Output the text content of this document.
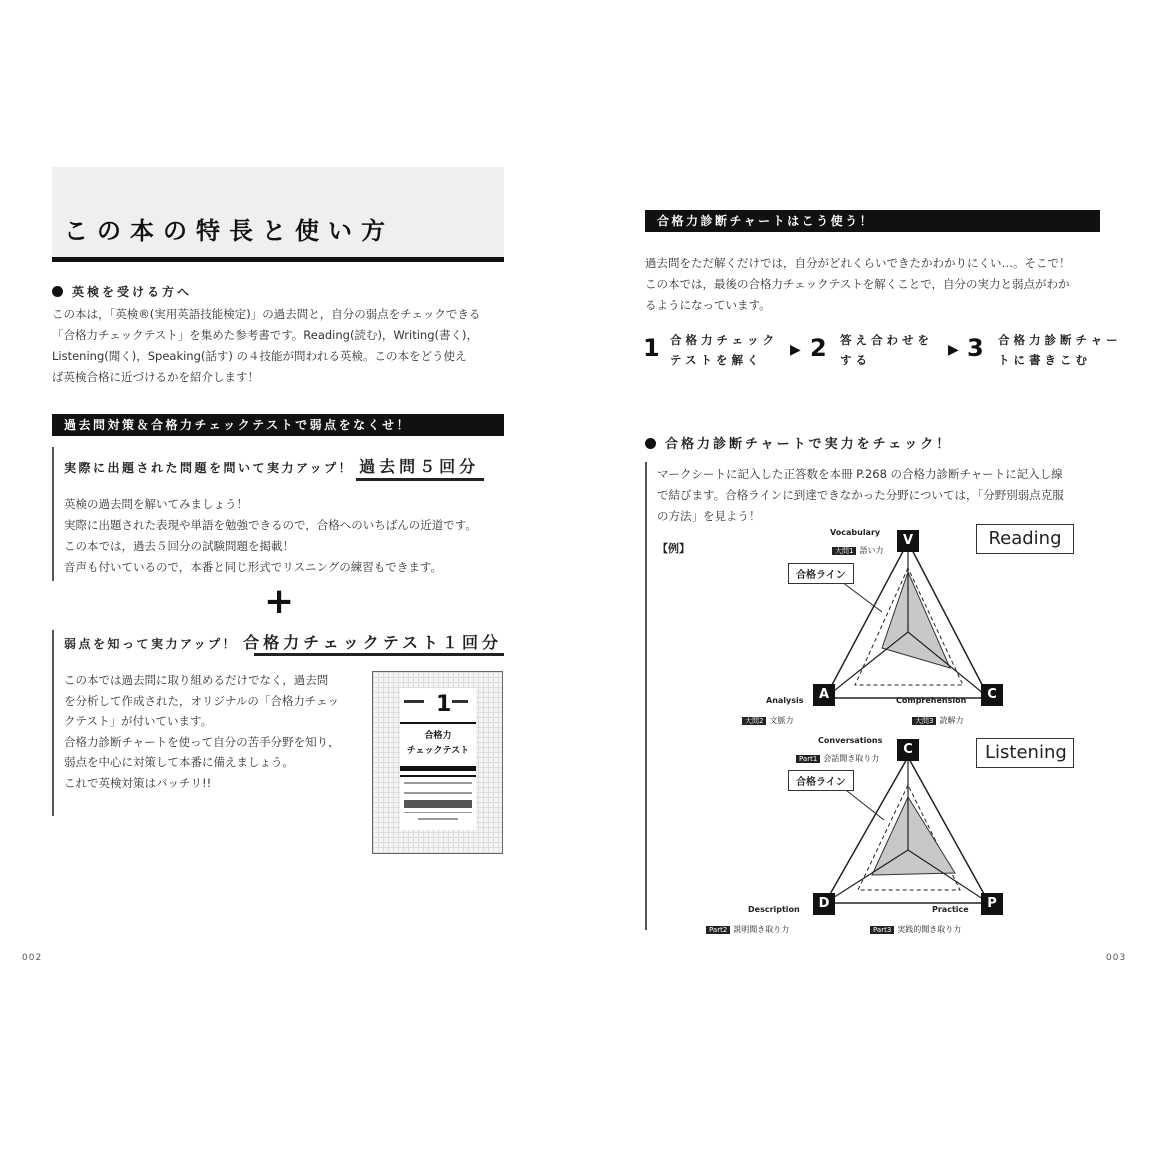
この本の特長と使い方
英検を受ける方へ
この本は，「英検®(実用英語技能検定)」の過去問と，自分の弱点をチェックできる
「合格力チェックテスト」を集めた参考書です。Reading(読む)，Writing(書く)，
Listening(聞く)，Speaking(話す) の４技能が問われる英検。この本をどう使え
ば英検合格に近づけるかを紹介します！
過去問対策＆合格力チェックテストで弱点をなくせ！
実際に出題された問題を問いて実力アップ！ 過去問５回分
英検の過去問を解いてみましょう！
実際に出題された表現や単語を勉強できるので，合格へのいちばんの近道です。
この本では，過去５回分の試験問題を掲載！
音声も付いているので，本番と同じ形式でリスニングの練習もできます。
+
弱点を知って実力アップ！ 合格力チェックテスト１回分
この本では過去問に取り組めるだけでなく，過去問
を分析して作成された，オリジナルの「合格力チェッ
クテスト」が付いています。
合格力診断チャートを使って自分の苦手分野を知り，
弱点を中心に対策して本番に備えましょう。
これで英検対策はバッチリ!!
1
合格力
チェックテスト
002
合格力診断チャートはこう使う！
過去問をただ解くだけでは，自分がどれくらいできたかわかりにくい…。そこで！
この本では，最後の合格力チェックテストを解くことで，自分の実力と弱点がわか
るようになっています。
1 合格力チェック
テストを解く
▶ 2 答え合わせを
する
▶ 3 合格力診断チャー
トに書きこむ
合格力診断チャートで実力をチェック！
マークシートに記入した正答数を本冊 P.268 の合格力診断チャートに記入し線
で結びます。合格ラインに到達できなかった分野については，「分野別弱点克服
の方法」を見よう！
【例】	Reading
合格ライン
V
Vocabulary
大問1 語い力
A
Analysis
大問2 文脈力
C
Comprehension
大問3 読解力
Listening
合格ライン
C
Conversations
Part1 会話聞き取り力
D
Description
Part2 説明聞き取り力
P
Practice
Part3 実践的聞き取り力
003
